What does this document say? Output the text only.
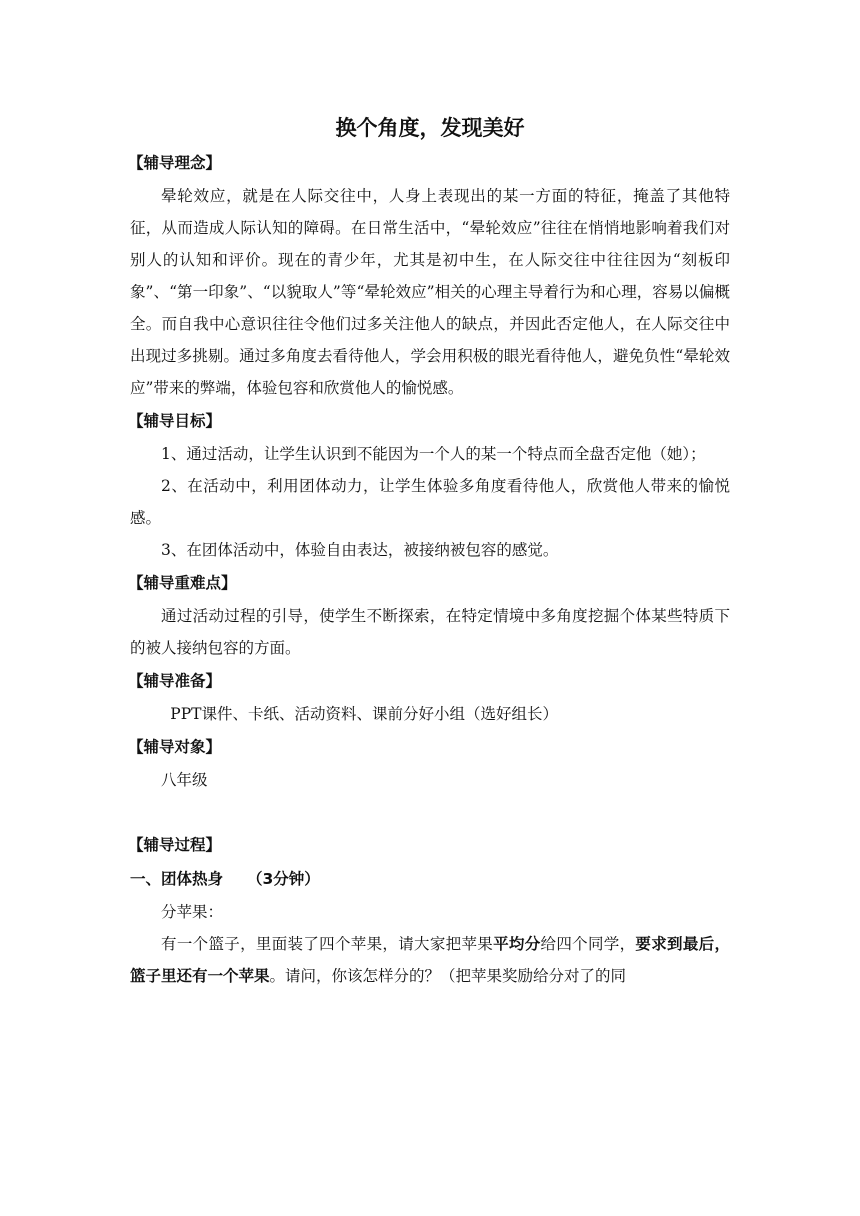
换个角度，发现美好
【辅导理念】

晕轮效应，就是在人际交往中，人身上表现出的某一方面的特征，掩盖了其他特征，从而造成人际认知的障碍。在日常生活中，“晕轮效应”往往在悄悄地影响着我们对别人的认知和评价。现在的青少年，尤其是初中生，在人际交往中往往因为“刻板印象”、“第一印象”、“以貌取人”等“晕轮效应”相关的心理主导着行为和心理，容易以偏概全。而自我中心意识往往令他们过多关注他人的缺点，并因此否定他人，在人际交往中出现过多挑剔。通过多角度去看待他人，学会用积极的眼光看待他人，避免负性“晕轮效应”带来的弊端，体验包容和欣赏他人的愉悦感。

【辅导目标】

1、通过活动，让学生认识到不能因为一个人的某一个特点而全盘否定他（她）；

2、在活动中，利用团体动力，让学生体验多角度看待他人，欣赏他人带来的愉悦感。

3、在团体活动中，体验自由表达，被接纳被包容的感觉。

【辅导重难点】

通过活动过程的引导，使学生不断探索，在特定情境中多角度挖掘个体某些特质下的被人接纳包容的方面。

【辅导准备】

PPT课件、卡纸、活动资料、课前分好小组（选好组长）

【辅导对象】

八年级

【辅导过程】
一、团体热身 （3分钟）

分苹果：

有一个篮子，里面装了四个苹果，请大家把苹果平均分给四个同学，要求到最后，篮子里还有一个苹果。请问，你该怎样分的？（把苹果奖励给分对了的同
